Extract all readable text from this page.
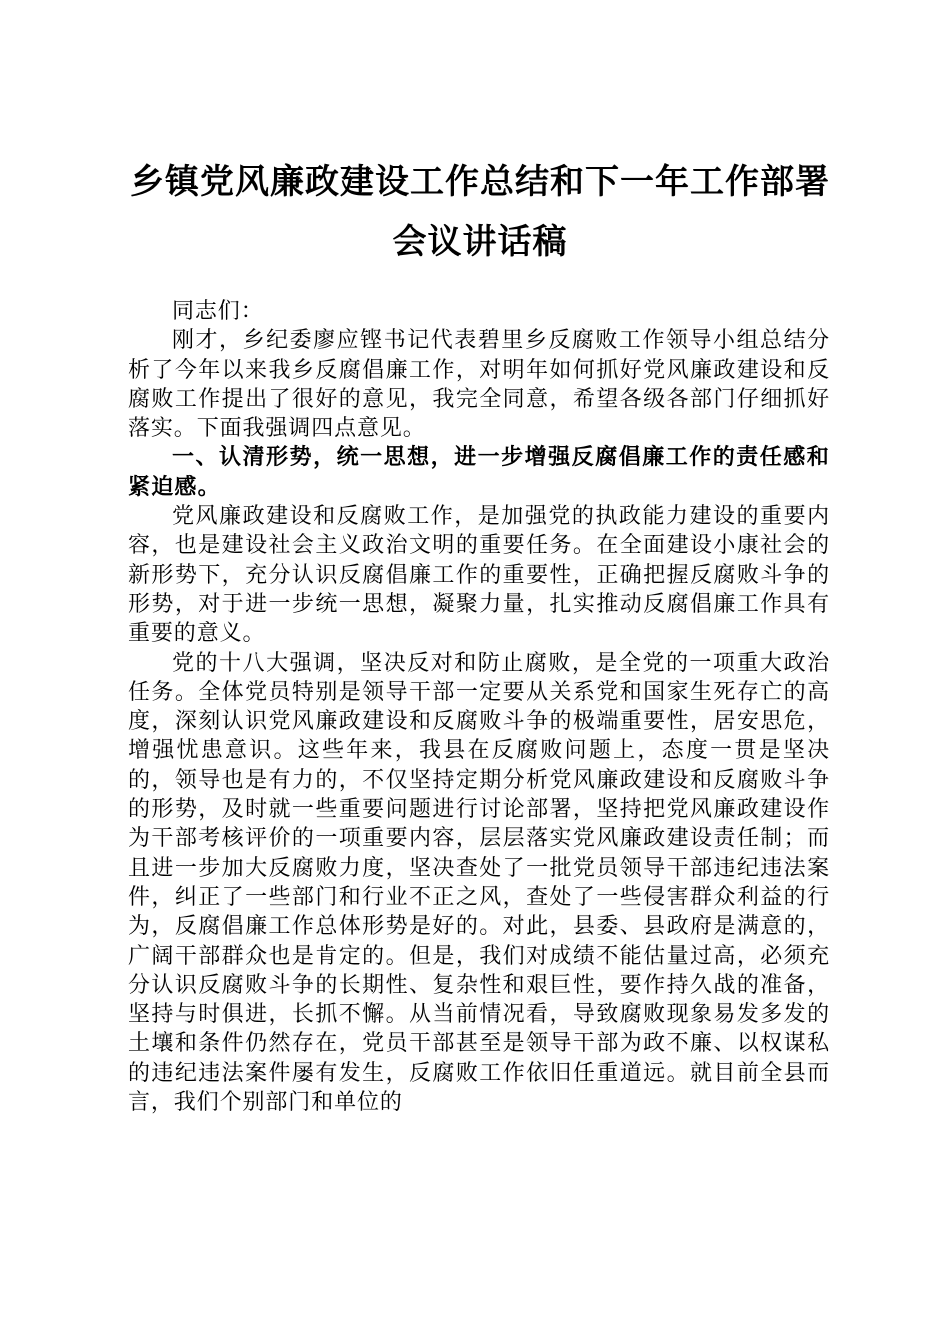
乡镇党风廉政建设工作总结和下一年工作部署
会议讲话稿

同志们：

刚才，乡纪委廖应铿书记代表碧里乡反腐败工作领导小组总结分析了今年以来我乡反腐倡廉工作，对明年如何抓好党风廉政建设和反腐败工作提出了很好的意见，我完全同意，希望各级各部门仔细抓好落实。下面我强调四点意见。

一、认清形势，统一思想，进一步增强反腐倡廉工作的责任感和紧迫感。

党风廉政建设和反腐败工作，是加强党的执政能力建设的重要内容，也是建设社会主义政治文明的重要任务。在全面建设小康社会的新形势下，充分认识反腐倡廉工作的重要性，正确把握反腐败斗争的形势，对于进一步统一思想，凝聚力量，扎实推动反腐倡廉工作具有重要的意义。

党的十八大强调，坚决反对和防止腐败，是全党的一项重大政治任务。全体党员特别是领导干部一定要从关系党和国家生死存亡的高度，深刻认识党风廉政建设和反腐败斗争的极端重要性，居安思危，增强忧患意识。这些年来，我县在反腐败问题上，态度一贯是坚决的，领导也是有力的，不仅坚持定期分析党风廉政建设和反腐败斗争的形势，及时就一些重要问题进行讨论部署，坚持把党风廉政建设作为干部考核评价的一项重要内容，层层落实党风廉政建设责任制；而且进一步加大反腐败力度，坚决查处了一批党员领导干部违纪违法案件，纠正了一些部门和行业不正之风，查处了一些侵害群众利益的行为，反腐倡廉工作总体形势是好的。对此，县委、县政府是满意的，广阔干部群众也是肯定的。但是，我们对成绩不能估量过高，必须充分认识反腐败斗争的长期性、复杂性和艰巨性，要作持久战的准备，坚持与时俱进，长抓不懈。从当前情况看，导致腐败现象易发多发的土壤和条件仍然存在，党员干部甚至是领导干部为政不廉、以权谋私的违纪违法案件屡有发生，反腐败工作依旧任重道远。就目前全县而言，我们个别部门和单位的
